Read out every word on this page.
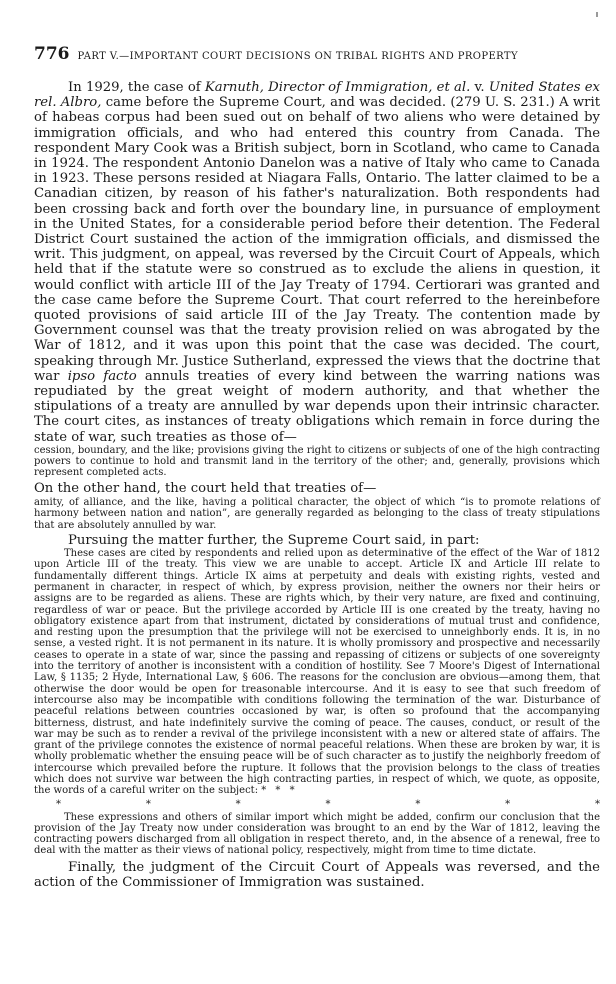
776 PART V.—IMPORTANT COURT DECISIONS ON TRIBAL RIGHTS AND PROPERTY

In 1929, the case of Karnuth, Director of Immigration, et al. v. United States ex rel. Albro, came before the Supreme Court, and was decided. (279 U. S. 231.) A writ of habeas corpus had been sued out on behalf of two aliens who were detained by immigration officials, and who had entered this country from Canada. The respondent Mary Cook was a British subject, born in Scotland, who came to Canada in 1924. The respondent Antonio Danelon was a native of Italy who came to Canada in 1923. These persons resided at Niagara Falls, Ontario. The latter claimed to be a Canadian citizen, by reason of his father's naturalization. Both respondents had been crossing back and forth over the boundary line, in pursuance of employment in the United States, for a considerable period before their detention. The Federal District Court sustained the action of the immigration officials, and dismissed the writ. This judgment, on appeal, was reversed by the Circuit Court of Appeals, which held that if the statute were so construed as to exclude the aliens in question, it would conflict with article III of the Jay Treaty of 1794. Certiorari was granted and the case came before the Supreme Court. That court referred to the hereinbefore quoted provisions of said article III of the Jay Treaty. The contention made by Government counsel was that the treaty provision relied on was abrogated by the War of 1812, and it was upon this point that the case was decided. The court, speaking through Mr. Justice Sutherland, expressed the views that the doctrine that war ipso facto annuls treaties of every kind between the warring nations was repudiated by the great weight of modern authority, and that whether the stipulations of a treaty are annulled by war depends upon their intrinsic character. The court cites, as instances of treaty obligations which remain in force during the state of war, such treaties as those of—

cession, boundary, and the like; provisions giving the right to citizens or subjects of one of the high contracting powers to continue to hold and transmit land in the territory of the other; and, generally, provisions which represent completed acts.

On the other hand, the court held that treaties of—

amity, of alliance, and the like, having a political character, the object of which “is to promote relations of harmony between nation and nation”, are generally regarded as belonging to the class of treaty stipulations that are absolutely annulled by war.

Pursuing the matter further, the Supreme Court said, in part:

These cases are cited by respondents and relied upon as determinative of the effect of the War of 1812 upon Article III of the treaty. This view we are unable to accept. Article IX and Article III relate to fundamentally different things. Article IX aims at perpetuity and deals with existing rights, vested and permanent in character, in respect of which, by express provision, neither the owners nor their heirs or assigns are to be regarded as aliens. These are rights which, by their very nature, are fixed and continuing, regardless of war or peace. But the privilege accorded by Article III is one created by the treaty, having no obligatory existence apart from that instrument, dictated by considerations of mutual trust and confidence, and resting upon the presumption that the privilege will not be exercised to unneighborly ends. It is, in no sense, a vested right. It is not permanent in its nature. It is wholly promissory and prospective and necessarily ceases to operate in a state of war, since the passing and repassing of citizens or subjects of one sovereignty into the territory of another is inconsistent with a condition of hostility. See 7 Moore's Digest of International Law, § 1135; 2 Hyde, International Law, § 606. The reasons for the conclusion are obvious—among them, that otherwise the door would be open for treasonable intercourse. And it is easy to see that such freedom of intercourse also may be incompatible with conditions following the termination of the war. Disturbance of peaceful relations between countries occasioned by war, is often so profound that the accompanying bitterness, distrust, and hate indefinitely survive the coming of peace. The causes, conduct, or result of the war may be such as to render a revival of the privilege inconsistent with a new or altered state of affairs. The grant of the privilege connotes the existence of normal peaceful relations. When these are broken by war, it is wholly problematic whether the ensuing peace will be of such character as to justify the neighborly freedom of intercourse which prevailed before the rupture. It follows that the provision belongs to the class of treaties which does not survive war between the high contracting parties, in respect of which, we quote, as opposite, the words of a careful writer on the subject: * * *

*	*	*	*	*	*	*

These expressions and others of similar import which might be added, confirm our conclusion that the provision of the Jay Treaty now under consideration was brought to an end by the War of 1812, leaving the contracting powers discharged from all obligation in respect thereto, and, in the absence of a renewal, free to deal with the matter as their views of national policy, respectively, might from time to time dictate.

Finally, the judgment of the Circuit Court of Appeals was reversed, and the action of the Commissioner of Immigration was sustained.
